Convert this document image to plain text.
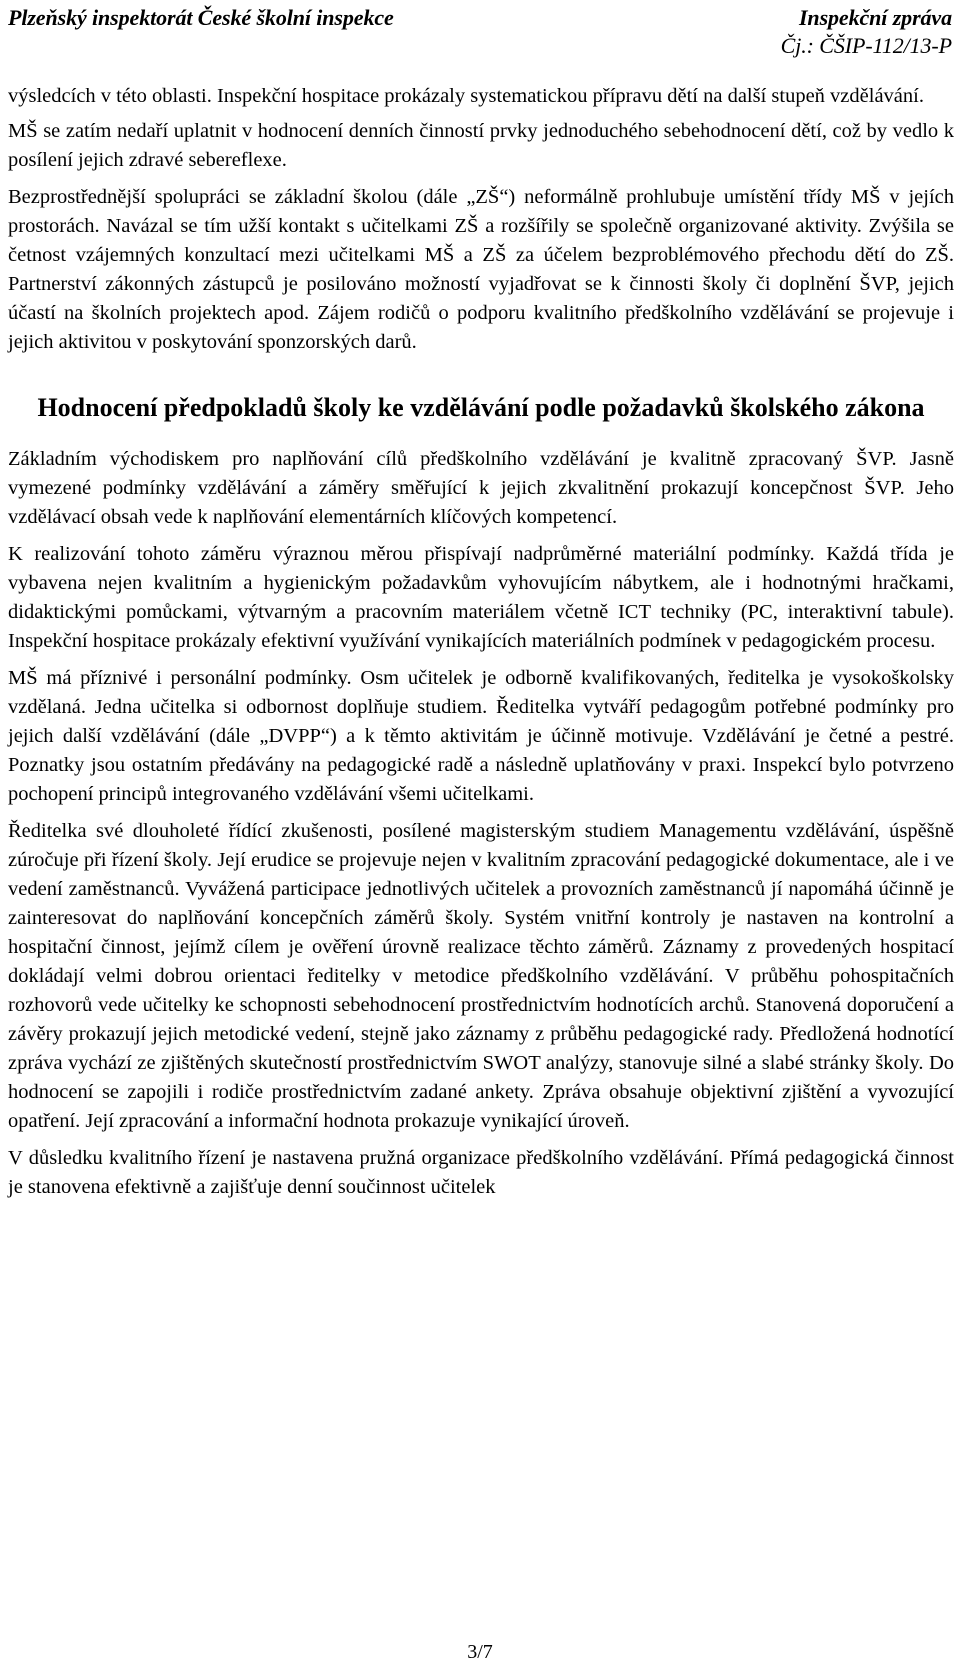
Plzeňský inspektorát České školní inspekce	Inspekční zpráva
Čj.: ČŠIP-112/13-P

výsledcích v této oblasti. Inspekční hospitace prokázaly systematickou přípravu dětí na další stupeň vzdělávání.

MŠ se zatím nedaří uplatnit v hodnocení denních činností prvky jednoduchého sebehodnocení dětí, což by vedlo k posílení jejich zdravé sebereflexe.

Bezprostřednější spolupráci se základní školou (dále „ZŠ“) neformálně prohlubuje umístění třídy MŠ v jejích prostorách. Navázal se tím užší kontakt s učitelkami ZŠ a rozšířily se společně organizované aktivity. Zvýšila se četnost vzájemných konzultací mezi učitelkami MŠ a ZŠ za účelem bezproblémového přechodu dětí do ZŠ. Partnerství zákonných zástupců je posilováno možností vyjadřovat se k činnosti školy či doplnění ŠVP, jejich účastí na školních projektech apod. Zájem rodičů o podporu kvalitního předškolního vzdělávání se projevuje i jejich aktivitou v poskytování sponzorských darů.

Hodnocení předpokladů školy ke vzdělávání podle požadavků školského zákona

Základním východiskem pro naplňování cílů předškolního vzdělávání je kvalitně zpracovaný ŠVP. Jasně vymezené podmínky vzdělávání a záměry směřující k jejich zkvalitnění prokazují koncepčnost ŠVP. Jeho vzdělávací obsah vede k naplňování elementárních klíčových kompetencí.

K realizování tohoto záměru výraznou měrou přispívají nadprůměrné materiální podmínky. Každá třída je vybavena nejen kvalitním a hygienickým požadavkům vyhovujícím nábytkem, ale i hodnotnými hračkami, didaktickými pomůckami, výtvarným a pracovním materiálem včetně ICT techniky (PC, interaktivní tabule). Inspekční hospitace prokázaly efektivní využívání vynikajících materiálních podmínek v pedagogickém procesu.

MŠ má příznivé i personální podmínky. Osm učitelek je odborně kvalifikovaných, ředitelka je vysokoškolsky vzdělaná. Jedna učitelka si odbornost doplňuje studiem. Ředitelka vytváří pedagogům potřebné podmínky pro jejich další vzdělávání (dále „DVPP“) a k těmto aktivitám je účinně motivuje. Vzdělávání je četné a pestré. Poznatky jsou ostatním předávány na pedagogické radě a následně uplatňovány v praxi. Inspekcí bylo potvrzeno pochopení principů integrovaného vzdělávání všemi učitelkami.

Ředitelka své dlouholeté řídící zkušenosti, posílené magisterským studiem Managementu vzdělávání, úspěšně zúročuje při řízení školy. Její erudice se projevuje nejen v kvalitním zpracování pedagogické dokumentace, ale i ve vedení zaměstnanců. Vyvážená participace jednotlivých učitelek a provozních zaměstnanců jí napomáhá účinně je zainteresovat do naplňování koncepčních záměrů školy. Systém vnitřní kontroly je nastaven na kontrolní a hospitační činnost, jejímž cílem je ověření úrovně realizace těchto záměrů. Záznamy z provedených hospitací dokládají velmi dobrou orientaci ředitelky v metodice předškolního vzdělávání. V průběhu pohospitačních rozhovorů vede učitelky ke schopnosti sebehodnocení prostřednictvím hodnotících archů. Stanovená doporučení a závěry prokazují jejich metodické vedení, stejně jako záznamy z průběhu pedagogické rady. Předložená hodnotící zpráva vychází ze zjištěných skutečností prostřednictvím SWOT analýzy, stanovuje silné a slabé stránky školy. Do hodnocení se zapojili i rodiče prostřednictvím zadané ankety. Zpráva obsahuje objektivní zjištění a vyvozující opatření. Její zpracování a informační hodnota prokazuje vynikající úroveň.

V důsledku kvalitního řízení je nastavena pružná organizace předškolního vzdělávání. Přímá pedagogická činnost je stanovena efektivně a zajišťuje denní součinnost učitelek

3/7
